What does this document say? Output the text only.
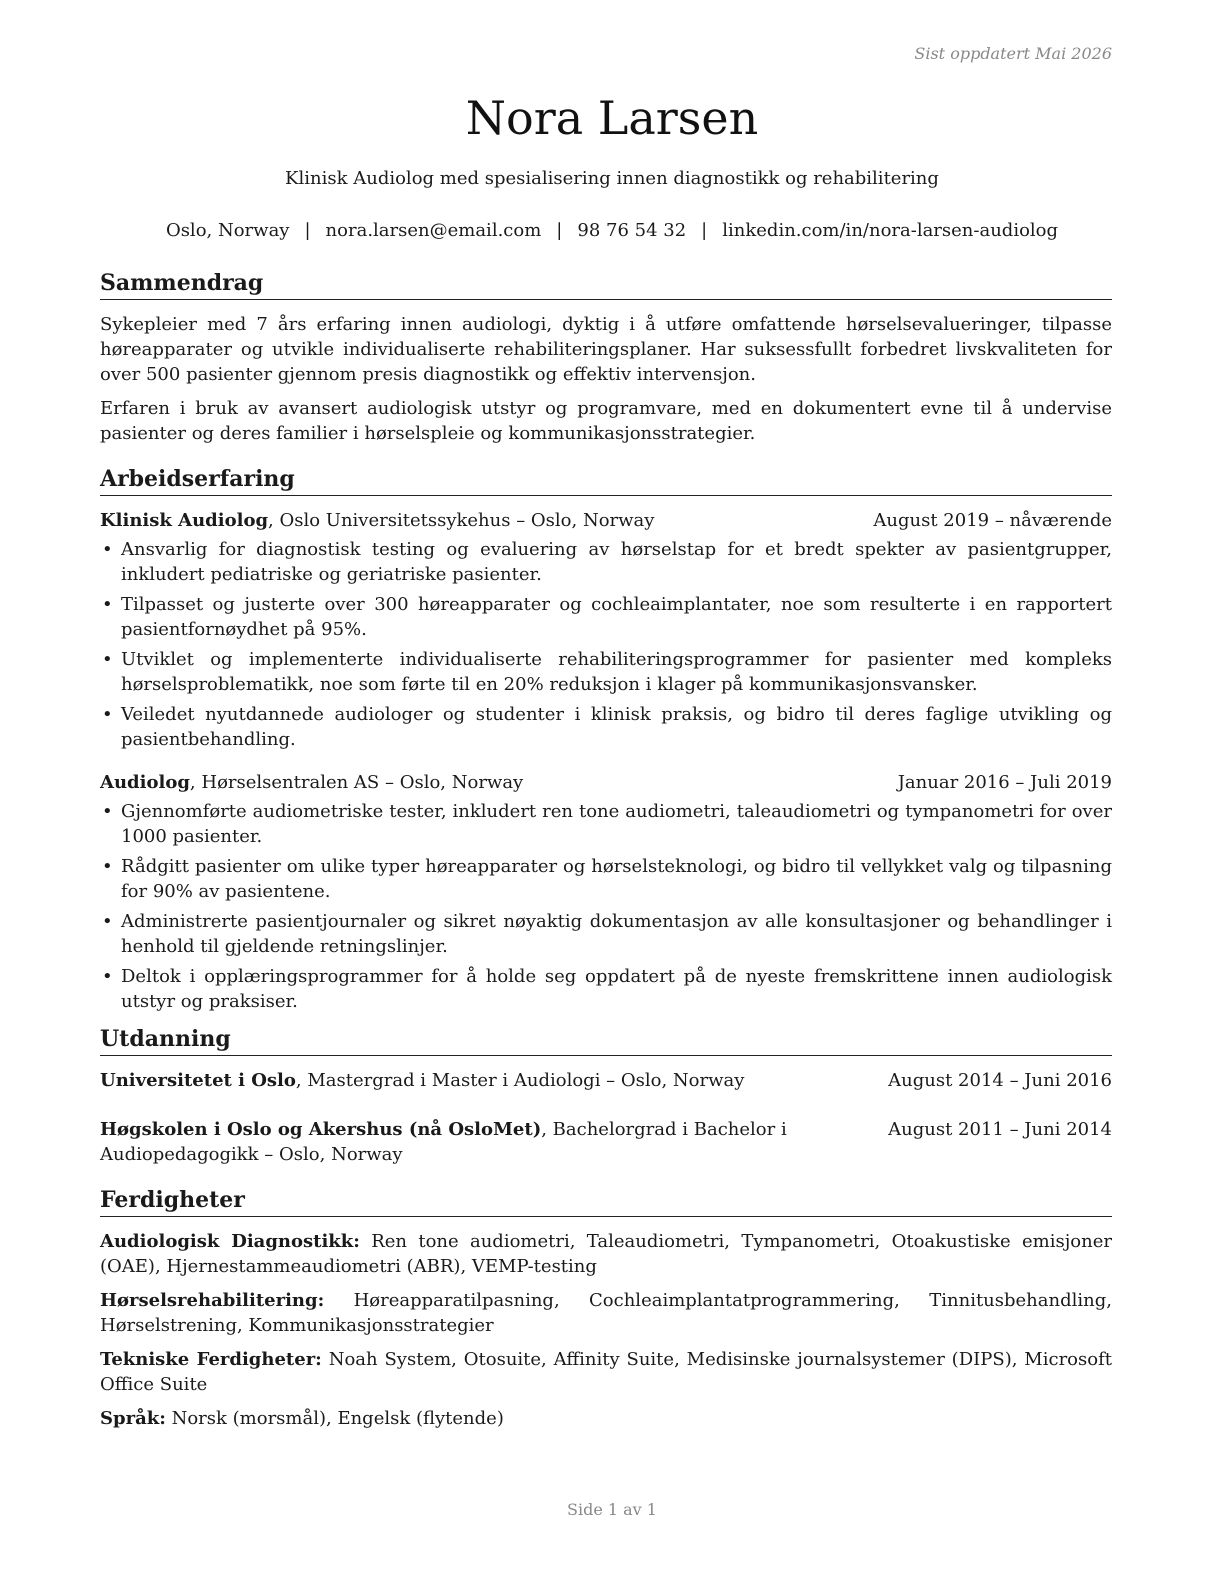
Sist oppdatert Mai 2026
Nora Larsen
Klinisk Audiolog med spesialisering innen diagnostikk og rehabilitering
Oslo, Norway | nora.larsen@email.com | 98 76 54 32 | linkedin.com/in/nora-larsen-audiolog
Sammendrag

Sykepleier med 7 års erfaring innen audiologi, dyktig i å utføre omfattende hørselsevalueringer, tilpasse høreapparater og utvikle individualiserte rehabiliteringsplaner. Har suksessfullt forbedret livskvaliteten for over 500 pasienter gjennom presis diagnostikk og effektiv intervensjon.

Erfaren i bruk av avansert audiologisk utstyr og programvare, med en dokumentert evne til å undervise pasienter og deres familier i hørselspleie og kommunikasjonsstrategier.

Arbeidserfaring
Klinisk Audiolog, Oslo Universitetssykehus – Oslo, Norway	August 2019 – nåværende
• Ansvarlig for diagnostisk testing og evaluering av hørselstap for et bredt spekter av pasientgrupper, inkludert pediatriske og geriatriske pasienter.
• Tilpasset og justerte over 300 høreapparater og cochleaimplantater, noe som resulterte i en rapportert pasientfornøydhet på 95%.
• Utviklet og implementerte individualiserte rehabiliteringsprogrammer for pasienter med kompleks hørselsproblematikk, noe som førte til en 20% reduksjon i klager på kommunikasjonsvansker.
• Veiledet nyutdannede audiologer og studenter i klinisk praksis, og bidro til deres faglige utvikling og pasientbehandling.
Audiolog, Hørselsentralen AS – Oslo, Norway	Januar 2016 – Juli 2019
• Gjennomførte audiometriske tester, inkludert ren tone audiometri, taleaudiometri og tympanometri for over 1000 pasienter.
• Rådgitt pasienter om ulike typer høreapparater og hørselsteknologi, og bidro til vellykket valg og tilpasning for 90% av pasientene.
• Administrerte pasientjournaler og sikret nøyaktig dokumentasjon av alle konsultasjoner og behandlinger i henhold til gjeldende retningslinjer.
• Deltok i opplæringsprogrammer for å holde seg oppdatert på de nyeste fremskrittene innen audiologisk utstyr og praksiser.
Utdanning
Universitetet i Oslo, Mastergrad i Master i Audiologi – Oslo, Norway	August 2014 – Juni 2016
Høgskolen i Oslo og Akershus (nå OsloMet), Bachelorgrad i Bachelor i Audiopedagogikk – Oslo, Norway
August 2011 – Juni 2014
Ferdigheter
Audiologisk Diagnostikk: Ren tone audiometri, Taleaudiometri, Tympanometri, Otoakustiske emisjoner (OAE), Hjernestammeaudiometri (ABR), VEMP-testing
Hørselsrehabilitering: Høreapparatilpasning, Cochleaimplantatprogrammering, Tinnitusbehandling, Hørselstrening, Kommunikasjonsstrategier
Tekniske Ferdigheter: Noah System, Otosuite, Affinity Suite, Medisinske journalsystemer (DIPS), Microsoft Office Suite
Språk: Norsk (morsmål), Engelsk (flytende)
Side 1 av 1
